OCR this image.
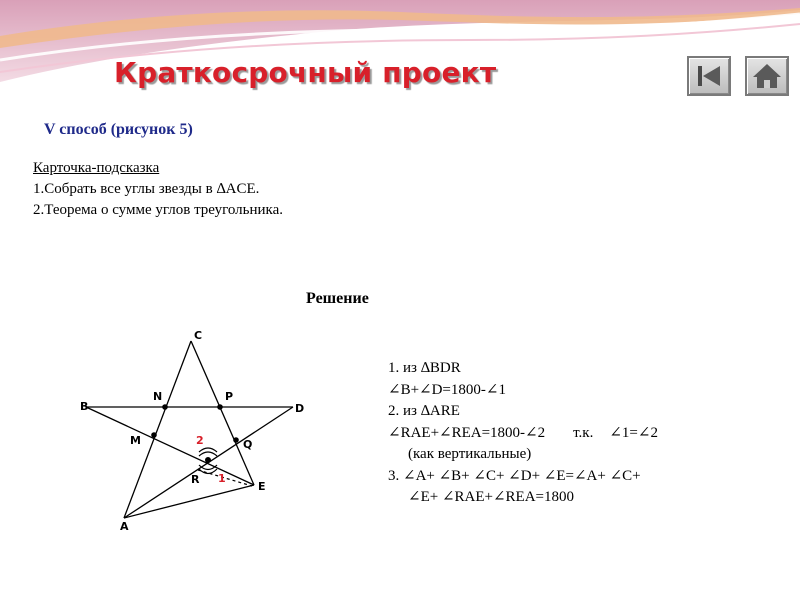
Краткосрочный проект
V способ (рисунок 5)
Карточка-подсказка
1.Собрать все углы звезды в ∆ACE.
2.Теорема о сумме углов треугольника.
Решение
C
N	P
B	D
M	Q
R
E
A
2
1
1. из ∆BDR
∠B+∠D=1800-∠1
2. из ∆ARE
∠RAE+∠REA=1800-∠2 т.к. ∠1=∠2
(как вертикальные)
3. ∠A+ ∠B+ ∠C+ ∠D+ ∠E=∠A+ ∠C+
∠E+ ∠RAE+∠REA=1800
